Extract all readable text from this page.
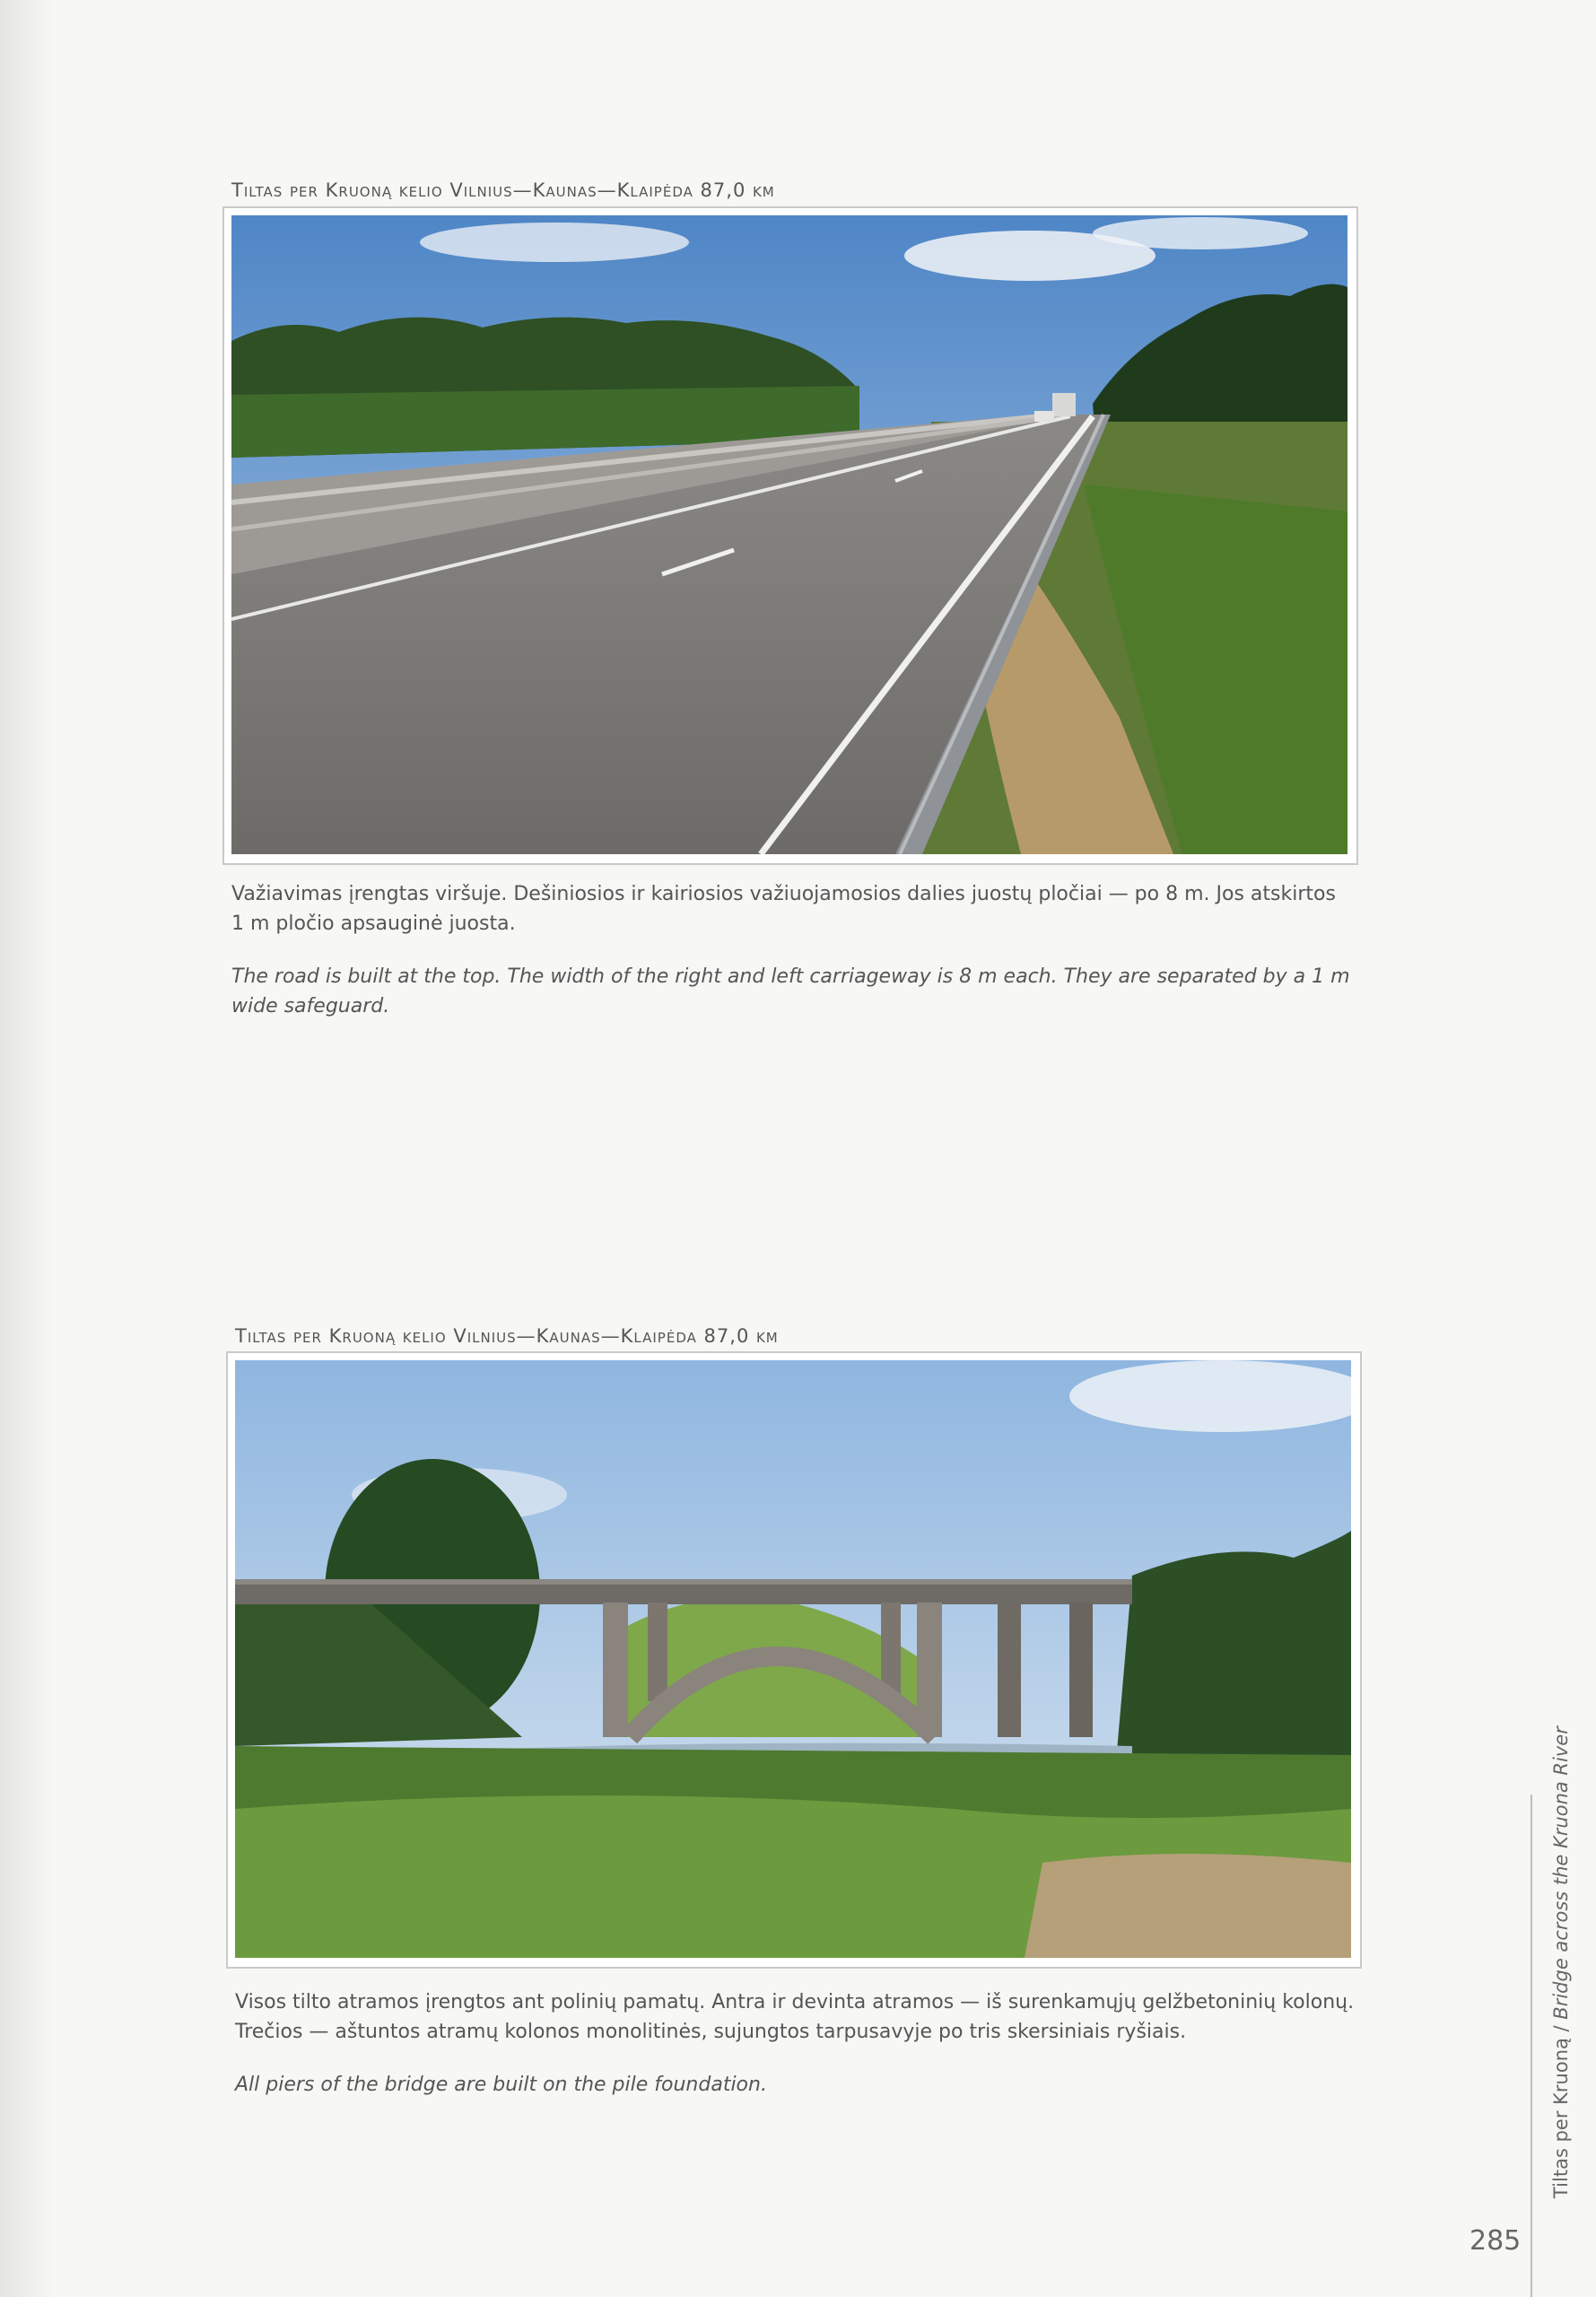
Tiltas per Kruoną kelio Vilnius—Kaunas—Klaipėda 87,0 km
Važiavimas įrengtas viršuje. Dešiniosios ir kairiosios važiuojamosios dalies juostų pločiai — po 8 m. Jos atskirtos 1 m pločio apsauginė juosta.
The road is built at the top. The width of the right and left carriageway is 8 m each. They are separated by a 1 m wide safeguard.
Tiltas per Kruoną kelio Vilnius—Kaunas—Klaipėda 87,0 km
Visos tilto atramos įrengtos ant polinių pamatų. Antra ir devinta atramos — iš surenkamųjų gelžbetoninių kolonų. Trečios — aštuntos atramų kolonos monolitinės, sujungtos tarpusavyje po tris skersiniais ryšiais.
All piers of the bridge are built on the pile foundation.	Tiltas per Kruoną / Bridge across the Kruona River
285
